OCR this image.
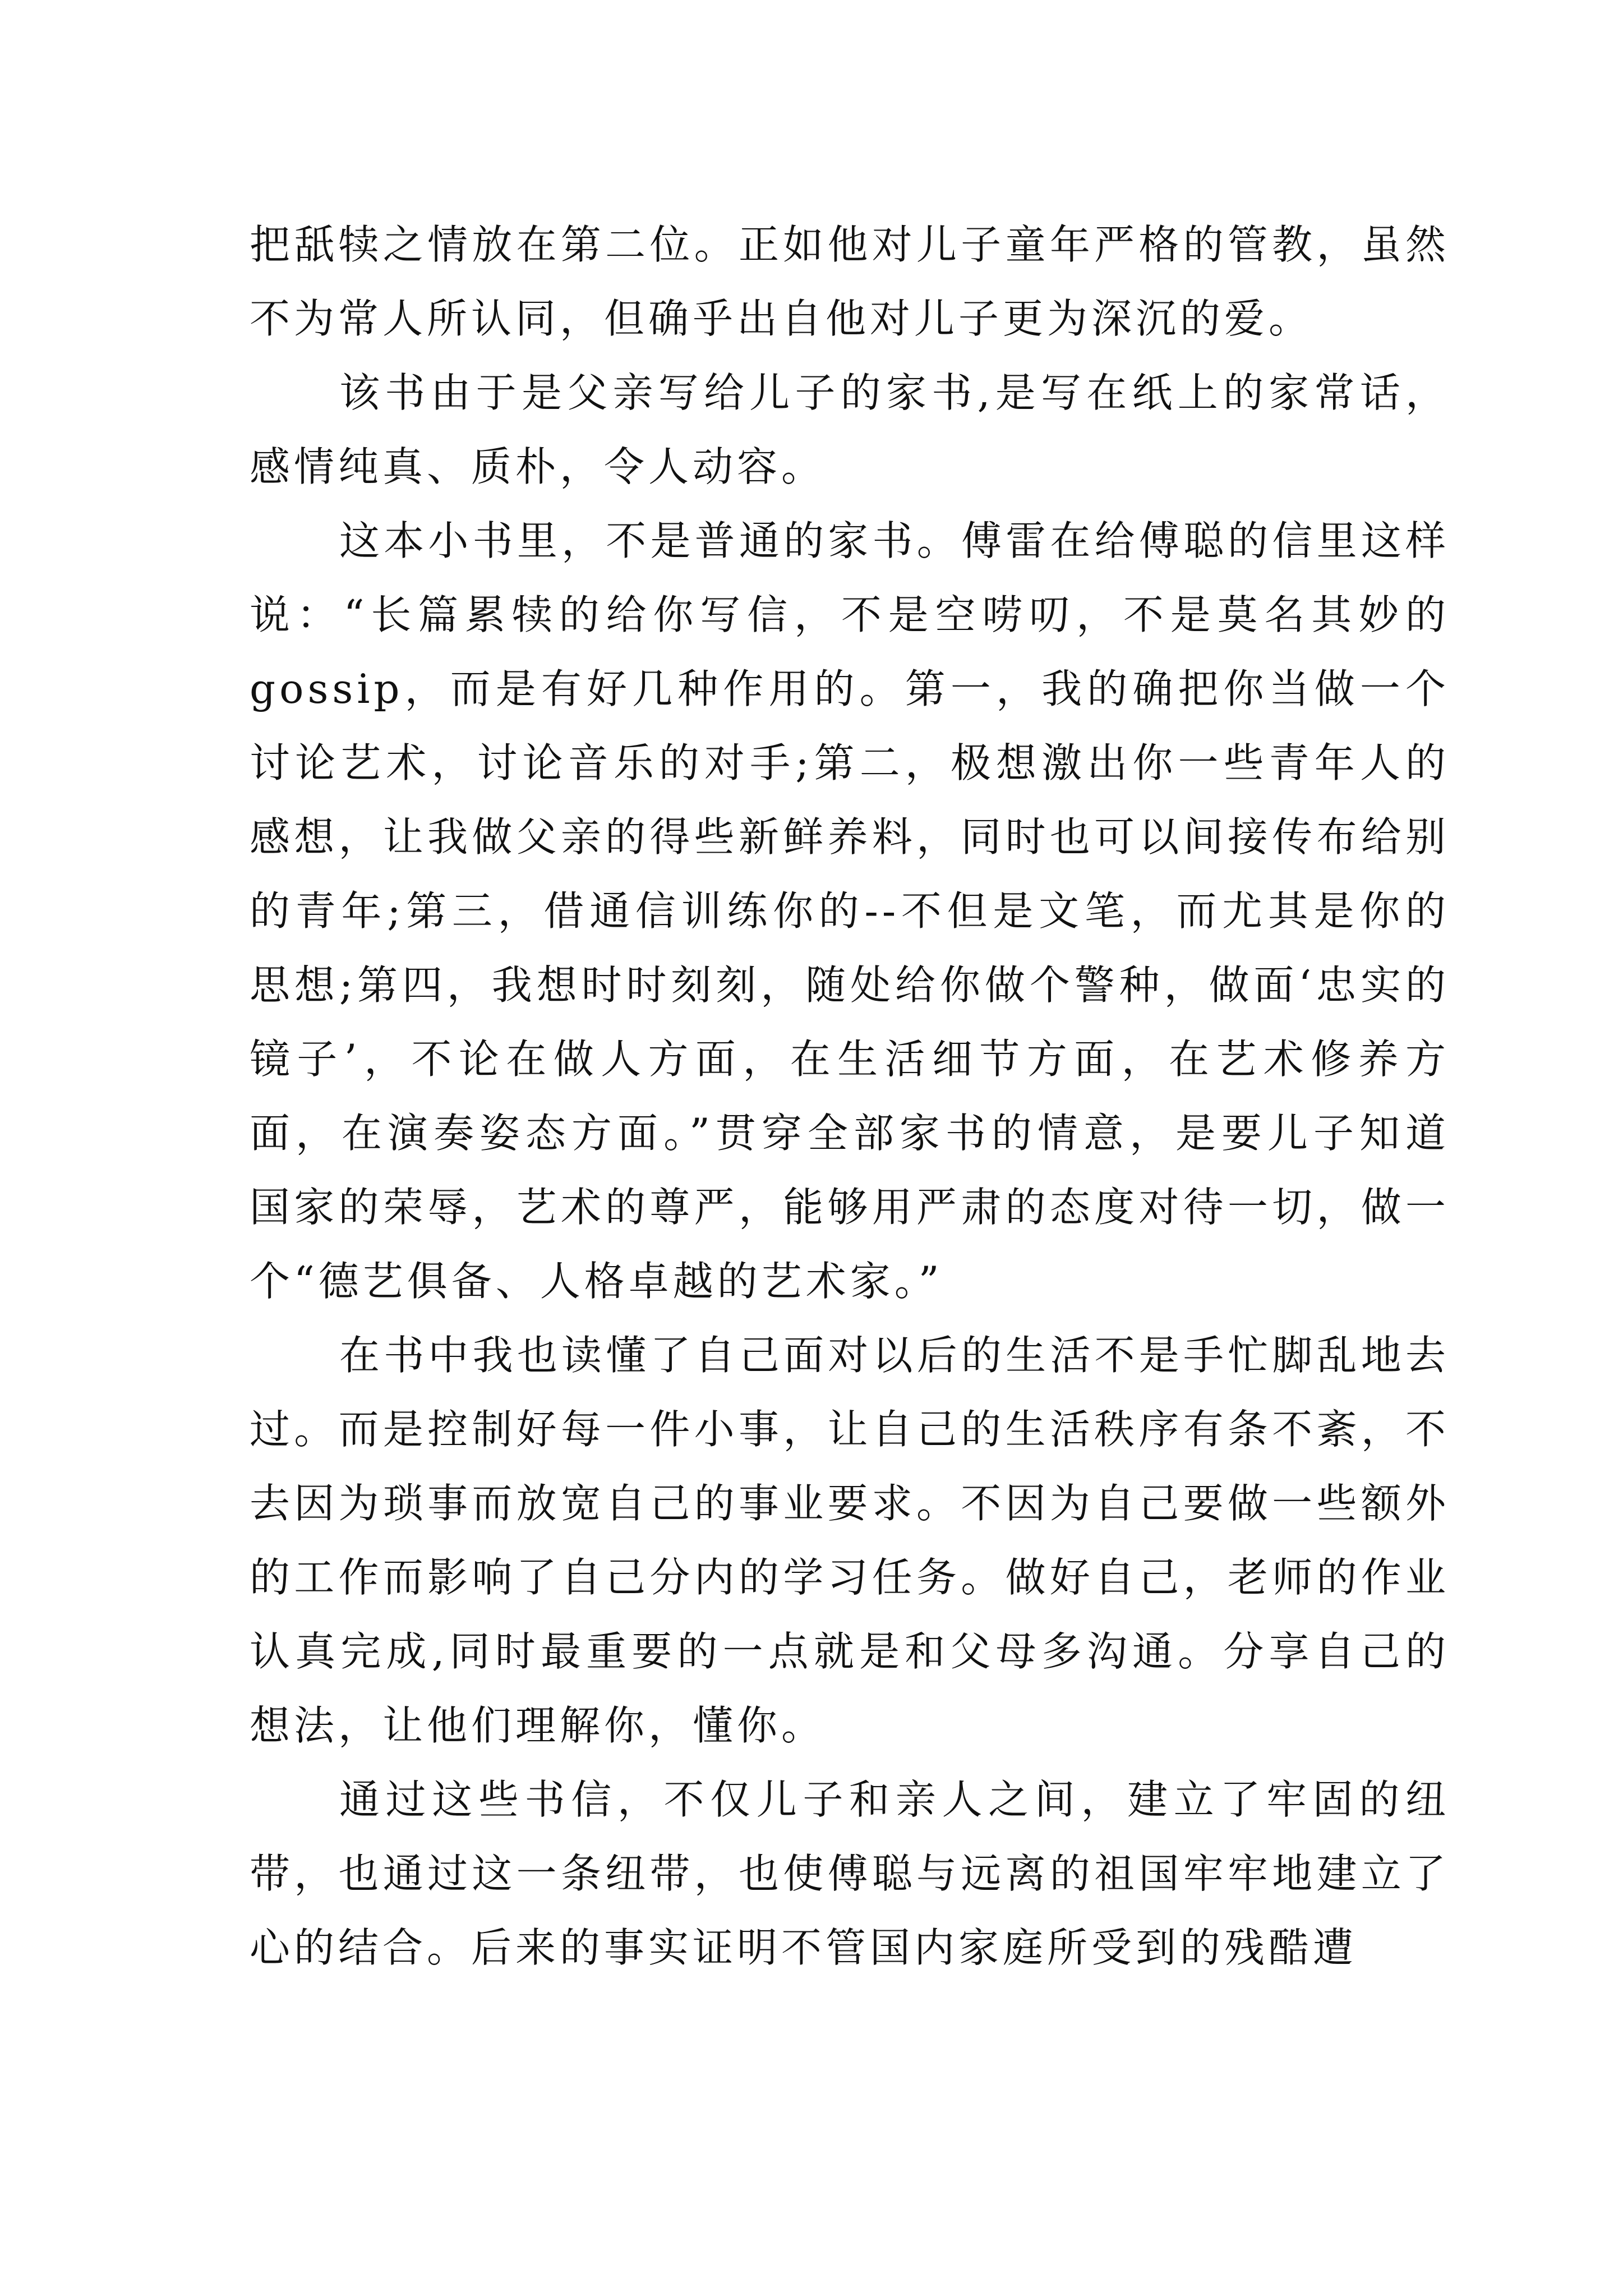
把舐犊之情放在第二位。正如他对儿子童年严格的管教，虽然不为常人所认同，但确乎出自他对儿子更为深沉的爱。

该书由于是父亲写给儿子的家书,是写在纸上的家常话，感情纯真、质朴，令人动容。

这本小书里，不是普通的家书。傅雷在给傅聪的信里这样说：“长篇累犊的给你写信，不是空唠叨，不是莫名其妙的gossip，而是有好几种作用的。第一，我的确把你当做一个讨论艺术，讨论音乐的对手;第二，极想激出你一些青年人的感想，让我做父亲的得些新鲜养料，同时也可以间接传布给别的青年;第三，借通信训练你的--不但是文笔，而尤其是你的思想;第四，我想时时刻刻，随处给你做个警种，做面‘忠实的镜子’，不论在做人方面，在生活细节方面，在艺术修养方面，在演奏姿态方面。”贯穿全部家书的情意，是要儿子知道国家的荣辱，艺术的尊严，能够用严肃的态度对待一切，做一个“德艺俱备、人格卓越的艺术家。”

在书中我也读懂了自己面对以后的生活不是手忙脚乱地去过。而是控制好每一件小事，让自己的生活秩序有条不紊，不去因为琐事而放宽自己的事业要求。不因为自己要做一些额外的工作而影响了自己分内的学习任务。做好自己，老师的作业认真完成,同时最重要的一点就是和父母多沟通。分享自己的想法，让他们理解你，懂你。

通过这些书信，不仅儿子和亲人之间，建立了牢固的纽带，也通过这一条纽带，也使傅聪与远离的祖国牢牢地建立了心的结合。后来的事实证明不管国内家庭所受到的残酷遭
